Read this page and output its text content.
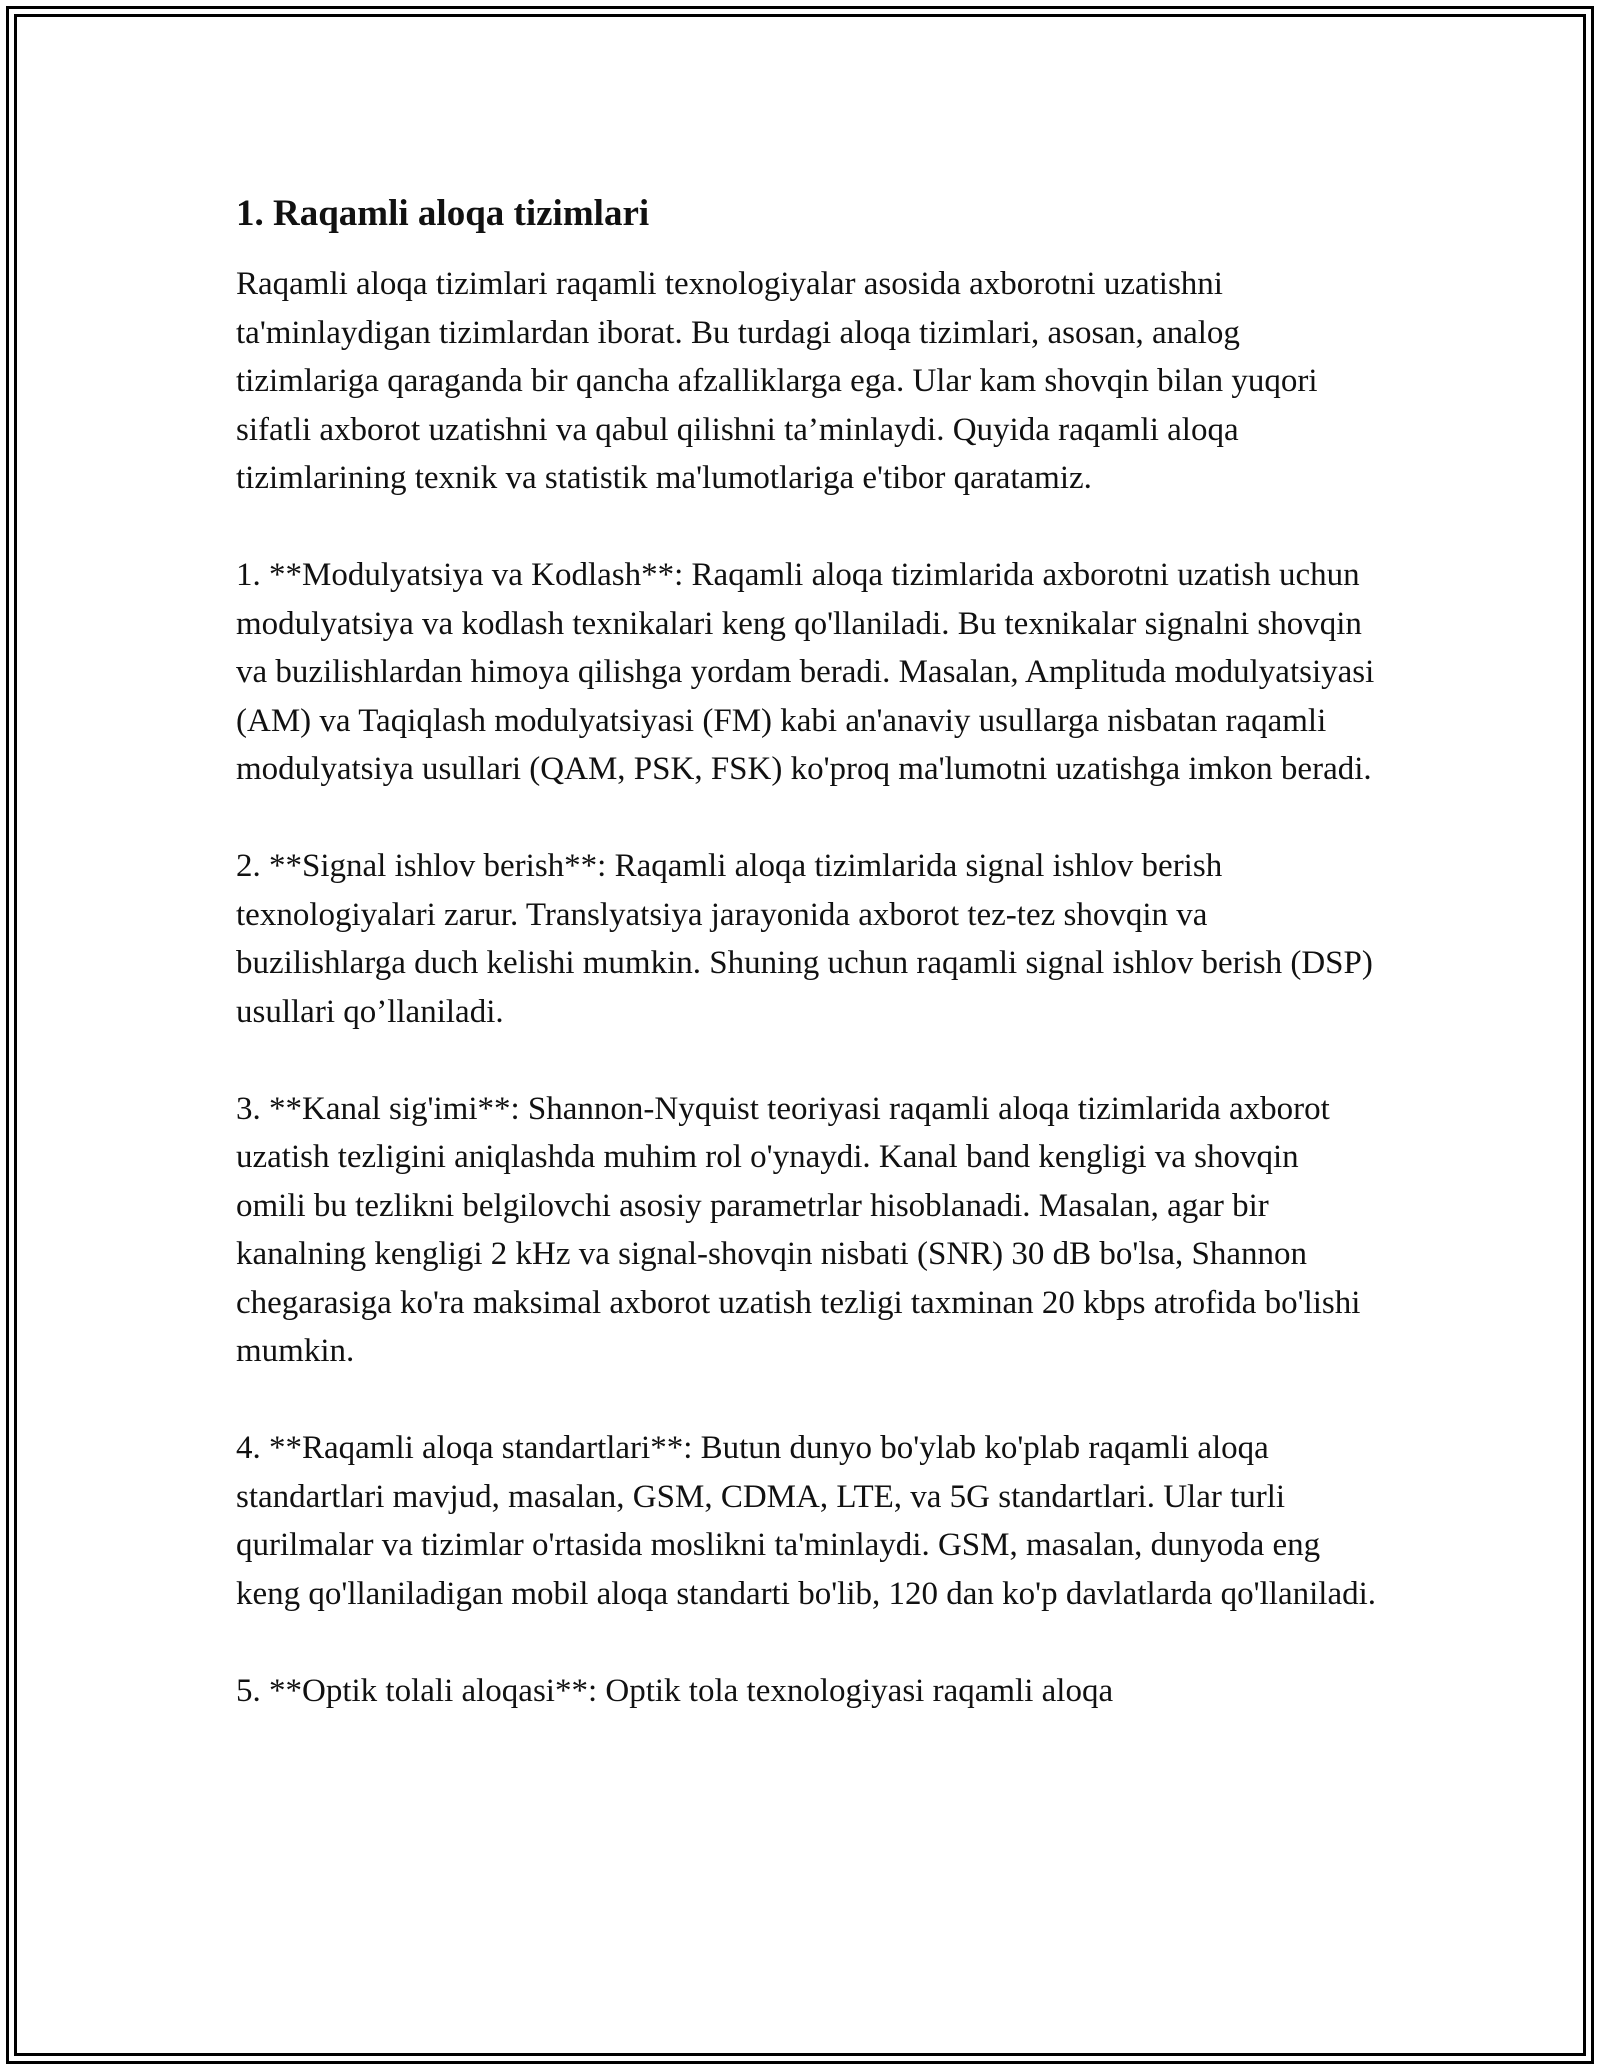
1. Raqamli aloqa tizimlari

Raqamli aloqa tizimlari raqamli texnologiyalar asosida axborotni uzatishni ta'minlaydigan tizimlardan iborat. Bu turdagi aloqa tizimlari, asosan, analog tizimlariga qaraganda bir qancha afzalliklarga ega. Ular kam shovqin bilan yuqori sifatli axborot uzatishni va qabul qilishni ta’minlaydi. Quyida raqamli aloqa tizimlarining texnik va statistik ma'lumotlariga e'tibor qaratamiz.

1. **Modulyatsiya va Kodlash**: Raqamli aloqa tizimlarida axborotni uzatish uchun modulyatsiya va kodlash texnikalari keng qo'llaniladi. Bu texnikalar signalni shovqin va buzilishlardan himoya qilishga yordam beradi. Masalan, Amplituda modulyatsiyasi (AM) va Taqiqlash modulyatsiyasi (FM) kabi an'anaviy usullarga nisbatan raqamli modulyatsiya usullari (QAM, PSK, FSK) ko'proq ma'lumotni uzatishga imkon beradi.

2. **Signal ishlov berish**: Raqamli aloqa tizimlarida signal ishlov berish texnologiyalari zarur. Translyatsiya jarayonida axborot tez-tez shovqin va buzilishlarga duch kelishi mumkin. Shuning uchun raqamli signal ishlov berish (DSP) usullari qo’llaniladi.

3. **Kanal sig'imi**: Shannon-Nyquist teoriyasi raqamli aloqa tizimlarida axborot uzatish tezligini aniqlashda muhim rol o'ynaydi. Kanal band kengligi va shovqin omili bu tezlikni belgilovchi asosiy parametrlar hisoblanadi. Masalan, agar bir kanalning kengligi 2 kHz va signal-shovqin nisbati (SNR) 30 dB bo'lsa, Shannon chegarasiga ko'ra maksimal axborot uzatish tezligi taxminan 20 kbps atrofida bo'lishi mumkin.

4. **Raqamli aloqa standartlari**: Butun dunyo bo'ylab ko'plab raqamli aloqa standartlari mavjud, masalan, GSM, CDMA, LTE, va 5G standartlari. Ular turli qurilmalar va tizimlar o'rtasida moslikni ta'minlaydi. GSM, masalan, dunyoda eng keng qo'llaniladigan mobil aloqa standarti bo'lib, 120 dan ko'p davlatlarda qo'llaniladi.

5. **Optik tolali aloqasi**: Optik tola texnologiyasi raqamli aloqa
